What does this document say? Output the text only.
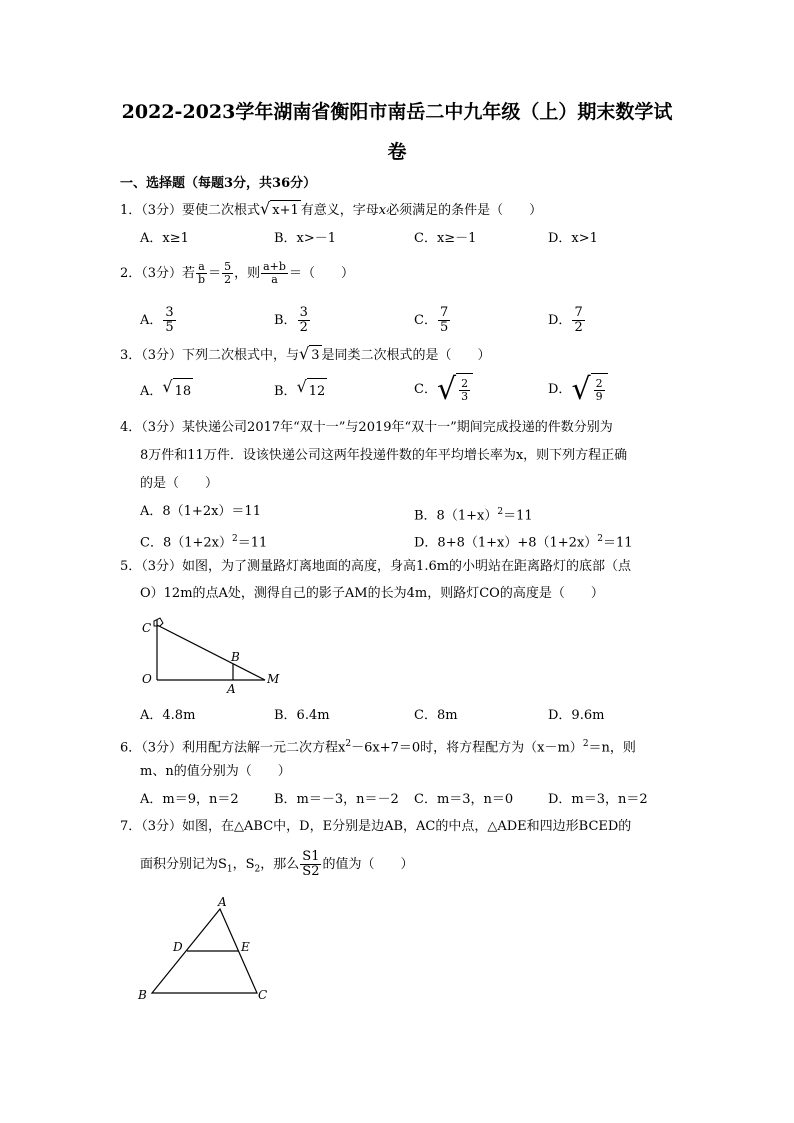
2022-2023学年湖南省衡阳市南岳二中九年级（上）期末数学试
卷
一、选择题（每题3分，共36分）
1．（3分）要使二次根式 √ x+1 有意义，字母x必须满足的条件是（　　）
A．x≥1	B．x>－1	C．x≥－1	D．x>1
2．（3分）若 $\frac{a}{b} = \frac{5}{2}$ ，则 $\frac{a+b}{a}$ ＝（　　）
A． $\frac{3}{5}$	B． $\frac{3}{2}$	C． $\frac{7}{5}$	D． $\frac{7}{2}$
3．（3分）下列二次根式中，与 √ 3 是同类二次根式的是（　　）
A． √ 18	B． √ 12	C． √ $\frac{2}{3}$	D． √ $\frac{2}{9}$
4．（3分）某快递公司2017年“双十一”与2019年“双十一”期间完成投递的件数分别为
8万件和11万件．设该快递公司这两年投递件数的年平均增长率为x，则下列方程正确
的是（　　）
A．8（1+2x）＝11	B．$8(1+x)^2=11$
C．$8(1+2x)^2=11$	D．$8+8(1+x)+8(1+2x)^2=11$
5．（3分）如图，为了测量路灯离地面的高度，身高1.6m的小明站在距离路灯的底部（点
O）12m的点A处，测得自己的影子AM的长为4m，则路灯CO的高度是（　　）
C
O
B
A
M
A．4.8m	B．6.4m	C．8m	D．9.6m
6．（3分）利用配方法解一元二次方程$x^2-6x+7=0$时，将方程配方为$(x-m)^2=n$，则
m、n的值分别为（　　）
A．m＝9，n＝2	B．m＝－3，n＝－2 C．m＝3，n＝0	D．m＝3，n＝2
7．（3分）如图，在△ABC中，D，E分别是边AB，AC的中点，△ADE和四边形BCED的
面积分别记为$S_1$，$S_2$，那么 $\frac{S1}{S2}$ 的值为（　　）
A
D	E
B	C
